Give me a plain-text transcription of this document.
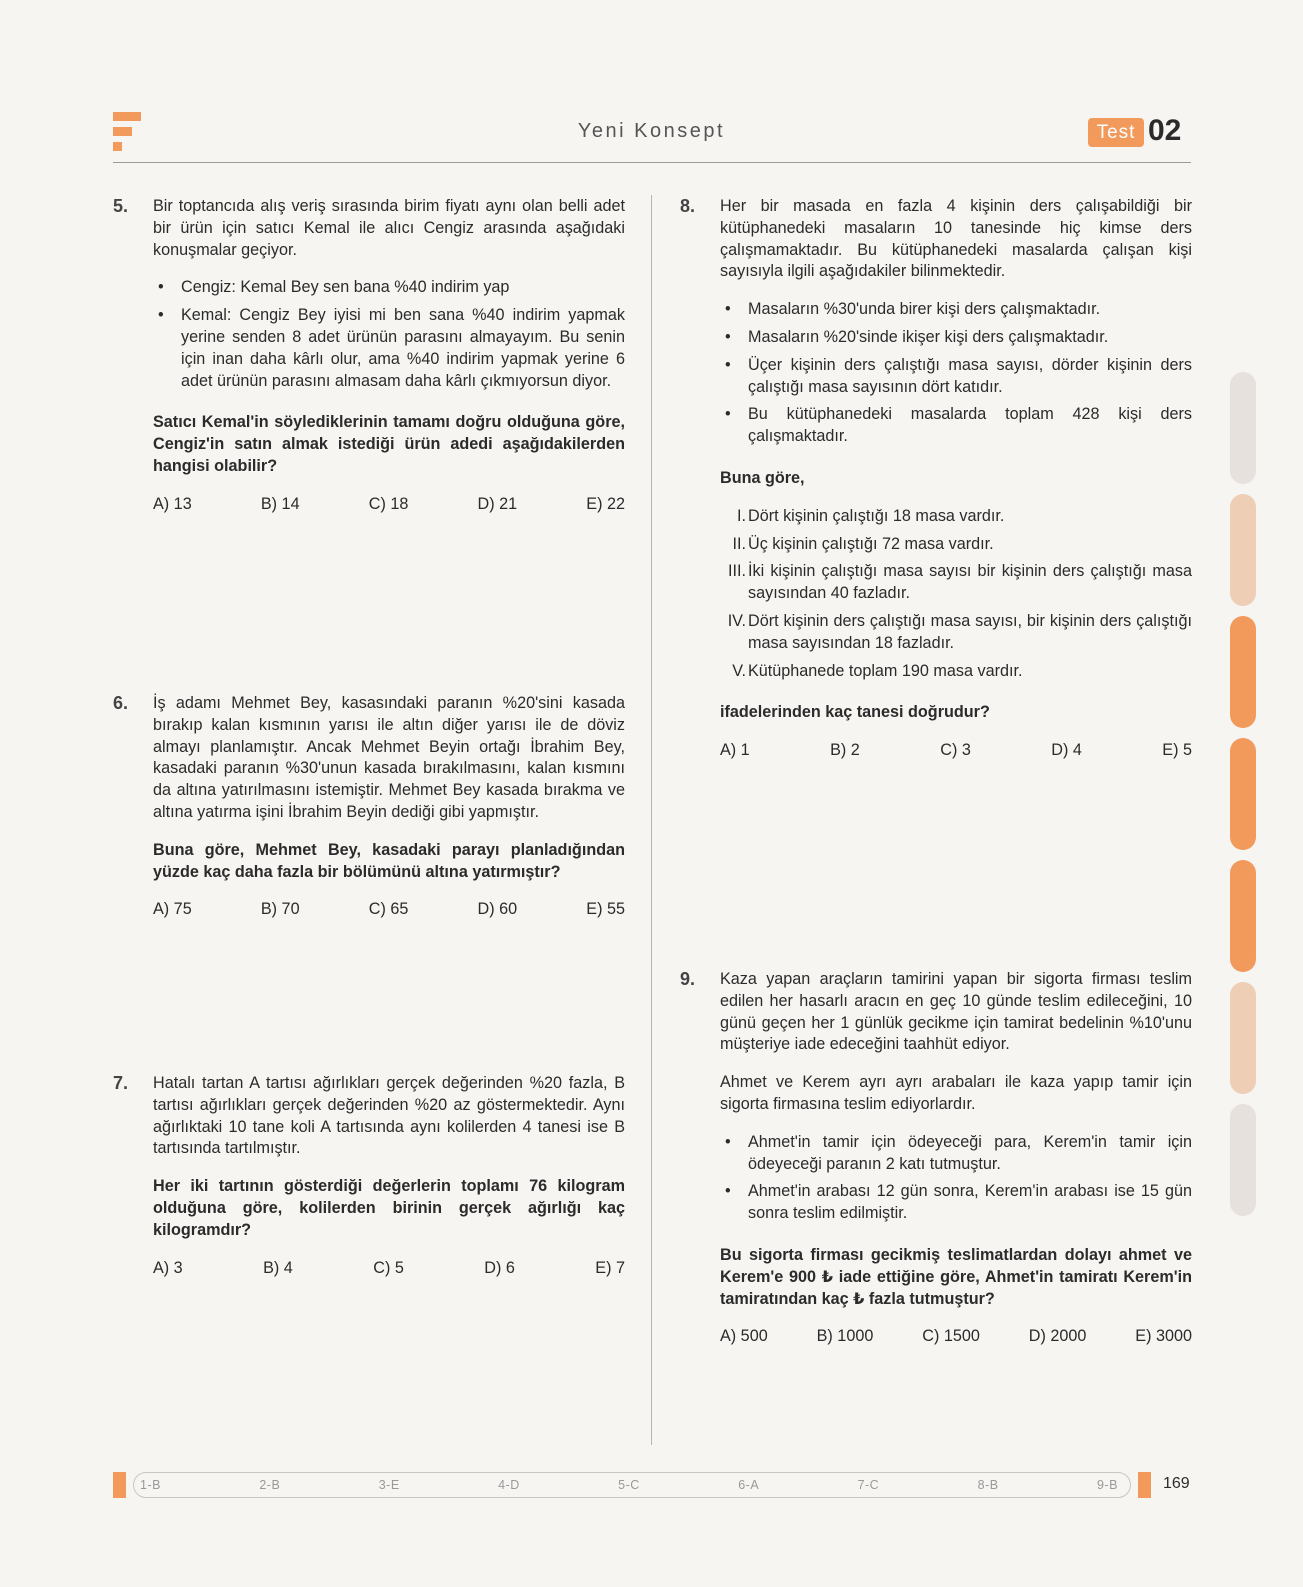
Yeni Konsept	Test 02
5. Bir toptancıda alış veriş sırasında birim fiyatı aynı olan belli adet bir ürün için satıcı Kemal ile alıcı Cengiz arasında aşağıdaki konuşmalar geçiyor.

• Cengiz: Kemal Bey sen bana %40 indirim yap
• Kemal: Cengiz Bey iyisi mi ben sana %40 indirim yapmak yerine senden 8 adet ürünün parasını almayayım. Bu senin için inan daha kârlı olur, ama %40 indirim yapmak yerine 6 adet ürünün parasını almasam daha kârlı çıkmıyorsun diyor.

Satıcı Kemal'in söylediklerinin tamamı doğru olduğuna göre, Cengiz'in satın almak istediği ürün adedi aşağıdakilerden hangisi olabilir?

A) 13	B) 14	C) 18	D) 21	E) 22
6. İş adamı Mehmet Bey, kasasındaki paranın %20'sini kasada bırakıp kalan kısmının yarısı ile altın diğer yarısı ile de döviz almayı planlamıştır. Ancak Mehmet Beyin ortağı İbrahim Bey, kasadaki paranın %30'unun kasada bırakılmasını, kalan kısmını da altına yatırılmasını istemiştir. Mehmet Bey kasada bırakma ve altına yatırma işini İbrahim Beyin dediği gibi yapmıştır.

Buna göre, Mehmet Bey, kasadaki parayı planladığından yüzde kaç daha fazla bir bölümünü altına yatırmıştır?

A) 75	B) 70	C) 65	D) 60	E) 55
7. Hatalı tartan A tartısı ağırlıkları gerçek değerinden %20 fazla, B tartısı ağırlıkları gerçek değerinden %20 az göstermektedir. Aynı ağırlıktaki 10 tane koli A tartısında aynı kolilerden 4 tanesi ise B tartısında tartılmıştır.

Her iki tartının gösterdiği değerlerin toplamı 76 kilogram olduğuna göre, kolilerden birinin gerçek ağırlığı kaç kilogramdır?

A) 3	B) 4	C) 5	D) 6	E) 7
8. Her bir masada en fazla 4 kişinin ders çalışabildiği bir kütüphanedeki masaların 10 tanesinde hiç kimse ders çalışmamaktadır. Bu kütüphanedeki masalarda çalışan kişi sayısıyla ilgili aşağıdakiler bilinmektedir.

• Masaların %30'unda birer kişi ders çalışmaktadır.
• Masaların %20'sinde ikişer kişi ders çalışmaktadır.
• Üçer kişinin ders çalıştığı masa sayısı, dörder kişinin ders çalıştığı masa sayısının dört katıdır.
• Bu kütüphanedeki masalarda toplam 428 kişi ders çalışmaktadır.

Buna göre,

I. Dört kişinin çalıştığı 18 masa vardır.
II. Üç kişinin çalıştığı 72 masa vardır.
III. İki kişinin çalıştığı masa sayısı bir kişinin ders çalıştığı masa sayısından 40 fazladır.
IV. Dört kişinin ders çalıştığı masa sayısı, bir kişinin ders çalıştığı masa sayısından 18 fazladır.
V. Kütüphanede toplam 190 masa vardır.

ifadelerinden kaç tanesi doğrudur?

A) 1	B) 2	C) 3	D) 4	E) 5
9. Kaza yapan araçların tamirini yapan bir sigorta firması teslim edilen her hasarlı aracın en geç 10 günde teslim edileceğini, 10 günü geçen her 1 günlük gecikme için tamirat bedelinin %10'unu müşteriye iade edeceğini taahhüt ediyor.

Ahmet ve Kerem ayrı ayrı arabaları ile kaza yapıp tamir için sigorta firmasına teslim ediyorlardır.

• Ahmet'in tamir için ödeyeceği para, Kerem'in tamir için ödeyeceği paranın 2 katı tutmuştur.
• Ahmet'in arabası 12 gün sonra, Kerem'in arabası ise 15 gün sonra teslim edilmiştir.

Bu sigorta firması gecikmiş teslimatlardan dolayı ahmet ve Kerem'e 900 ₺ iade ettiğine göre, Ahmet'in tamiratı Kerem'in tamiratından kaç ₺ fazla tutmuştur?

A) 500	B) 1000	C) 1500	D) 2000	E) 3000
1-B	2-B	3-E	4-D	5-C	6-A	7-C	8-B	9-B	169
